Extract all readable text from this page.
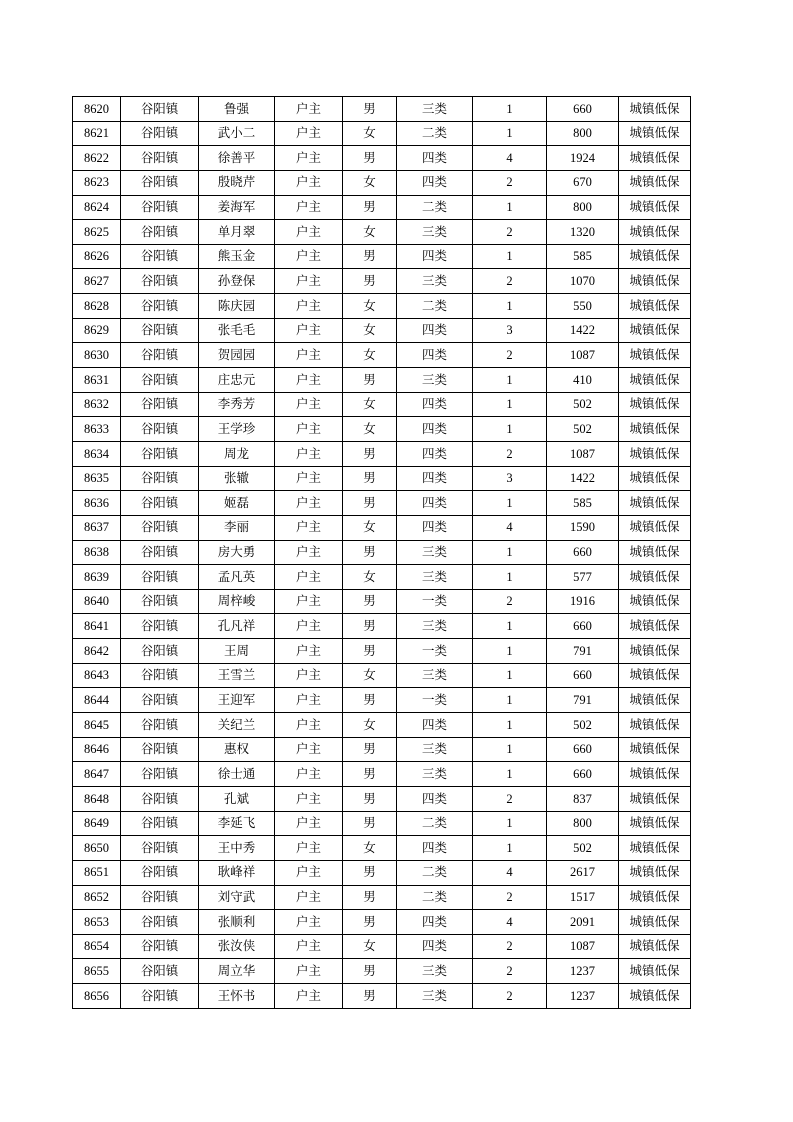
8620	谷阳镇	鲁强	户主	男	三类	1	660	城镇低保
8621	谷阳镇	武小二	户主	女	二类	1	800	城镇低保
8622	谷阳镇	徐善平	户主	男	四类	4	1924	城镇低保
8623	谷阳镇	殷晓芹	户主	女	四类	2	670	城镇低保
8624	谷阳镇	姜海军	户主	男	二类	1	800	城镇低保
8625	谷阳镇	单月翠	户主	女	三类	2	1320	城镇低保
8626	谷阳镇	熊玉金	户主	男	四类	1	585	城镇低保
8627	谷阳镇	孙登保	户主	男	三类	2	1070	城镇低保
8628	谷阳镇	陈庆园	户主	女	二类	1	550	城镇低保
8629	谷阳镇	张毛毛	户主	女	四类	3	1422	城镇低保
8630	谷阳镇	贺园园	户主	女	四类	2	1087	城镇低保
8631	谷阳镇	庄忠元	户主	男	三类	1	410	城镇低保
8632	谷阳镇	李秀芳	户主	女	四类	1	502	城镇低保
8633	谷阳镇	王学珍	户主	女	四类	1	502	城镇低保
8634	谷阳镇	周龙	户主	男	四类	2	1087	城镇低保
8635	谷阳镇	张辙	户主	男	四类	3	1422	城镇低保
8636	谷阳镇	姬磊	户主	男	四类	1	585	城镇低保
8637	谷阳镇	李丽	户主	女	四类	4	1590	城镇低保
8638	谷阳镇	房大勇	户主	男	三类	1	660	城镇低保
8639	谷阳镇	孟凡英	户主	女	三类	1	577	城镇低保
8640	谷阳镇	周梓峻	户主	男	一类	2	1916	城镇低保
8641	谷阳镇	孔凡祥	户主	男	三类	1	660	城镇低保
8642	谷阳镇	王周	户主	男	一类	1	791	城镇低保
8643	谷阳镇	王雪兰	户主	女	三类	1	660	城镇低保
8644	谷阳镇	王迎军	户主	男	一类	1	791	城镇低保
8645	谷阳镇	关纪兰	户主	女	四类	1	502	城镇低保
8646	谷阳镇	惠权	户主	男	三类	1	660	城镇低保
8647	谷阳镇	徐士通	户主	男	三类	1	660	城镇低保
8648	谷阳镇	孔斌	户主	男	四类	2	837	城镇低保
8649	谷阳镇	李延飞	户主	男	二类	1	800	城镇低保
8650	谷阳镇	王中秀	户主	女	四类	1	502	城镇低保
8651	谷阳镇	耿峰祥	户主	男	二类	4	2617	城镇低保
8652	谷阳镇	刘守武	户主	男	二类	2	1517	城镇低保
8653	谷阳镇	张顺利	户主	男	四类	4	2091	城镇低保
8654	谷阳镇	张汝侠	户主	女	四类	2	1087	城镇低保
8655	谷阳镇	周立华	户主	男	三类	2	1237	城镇低保
8656	谷阳镇	王怀书	户主	男	三类	2	1237	城镇低保
